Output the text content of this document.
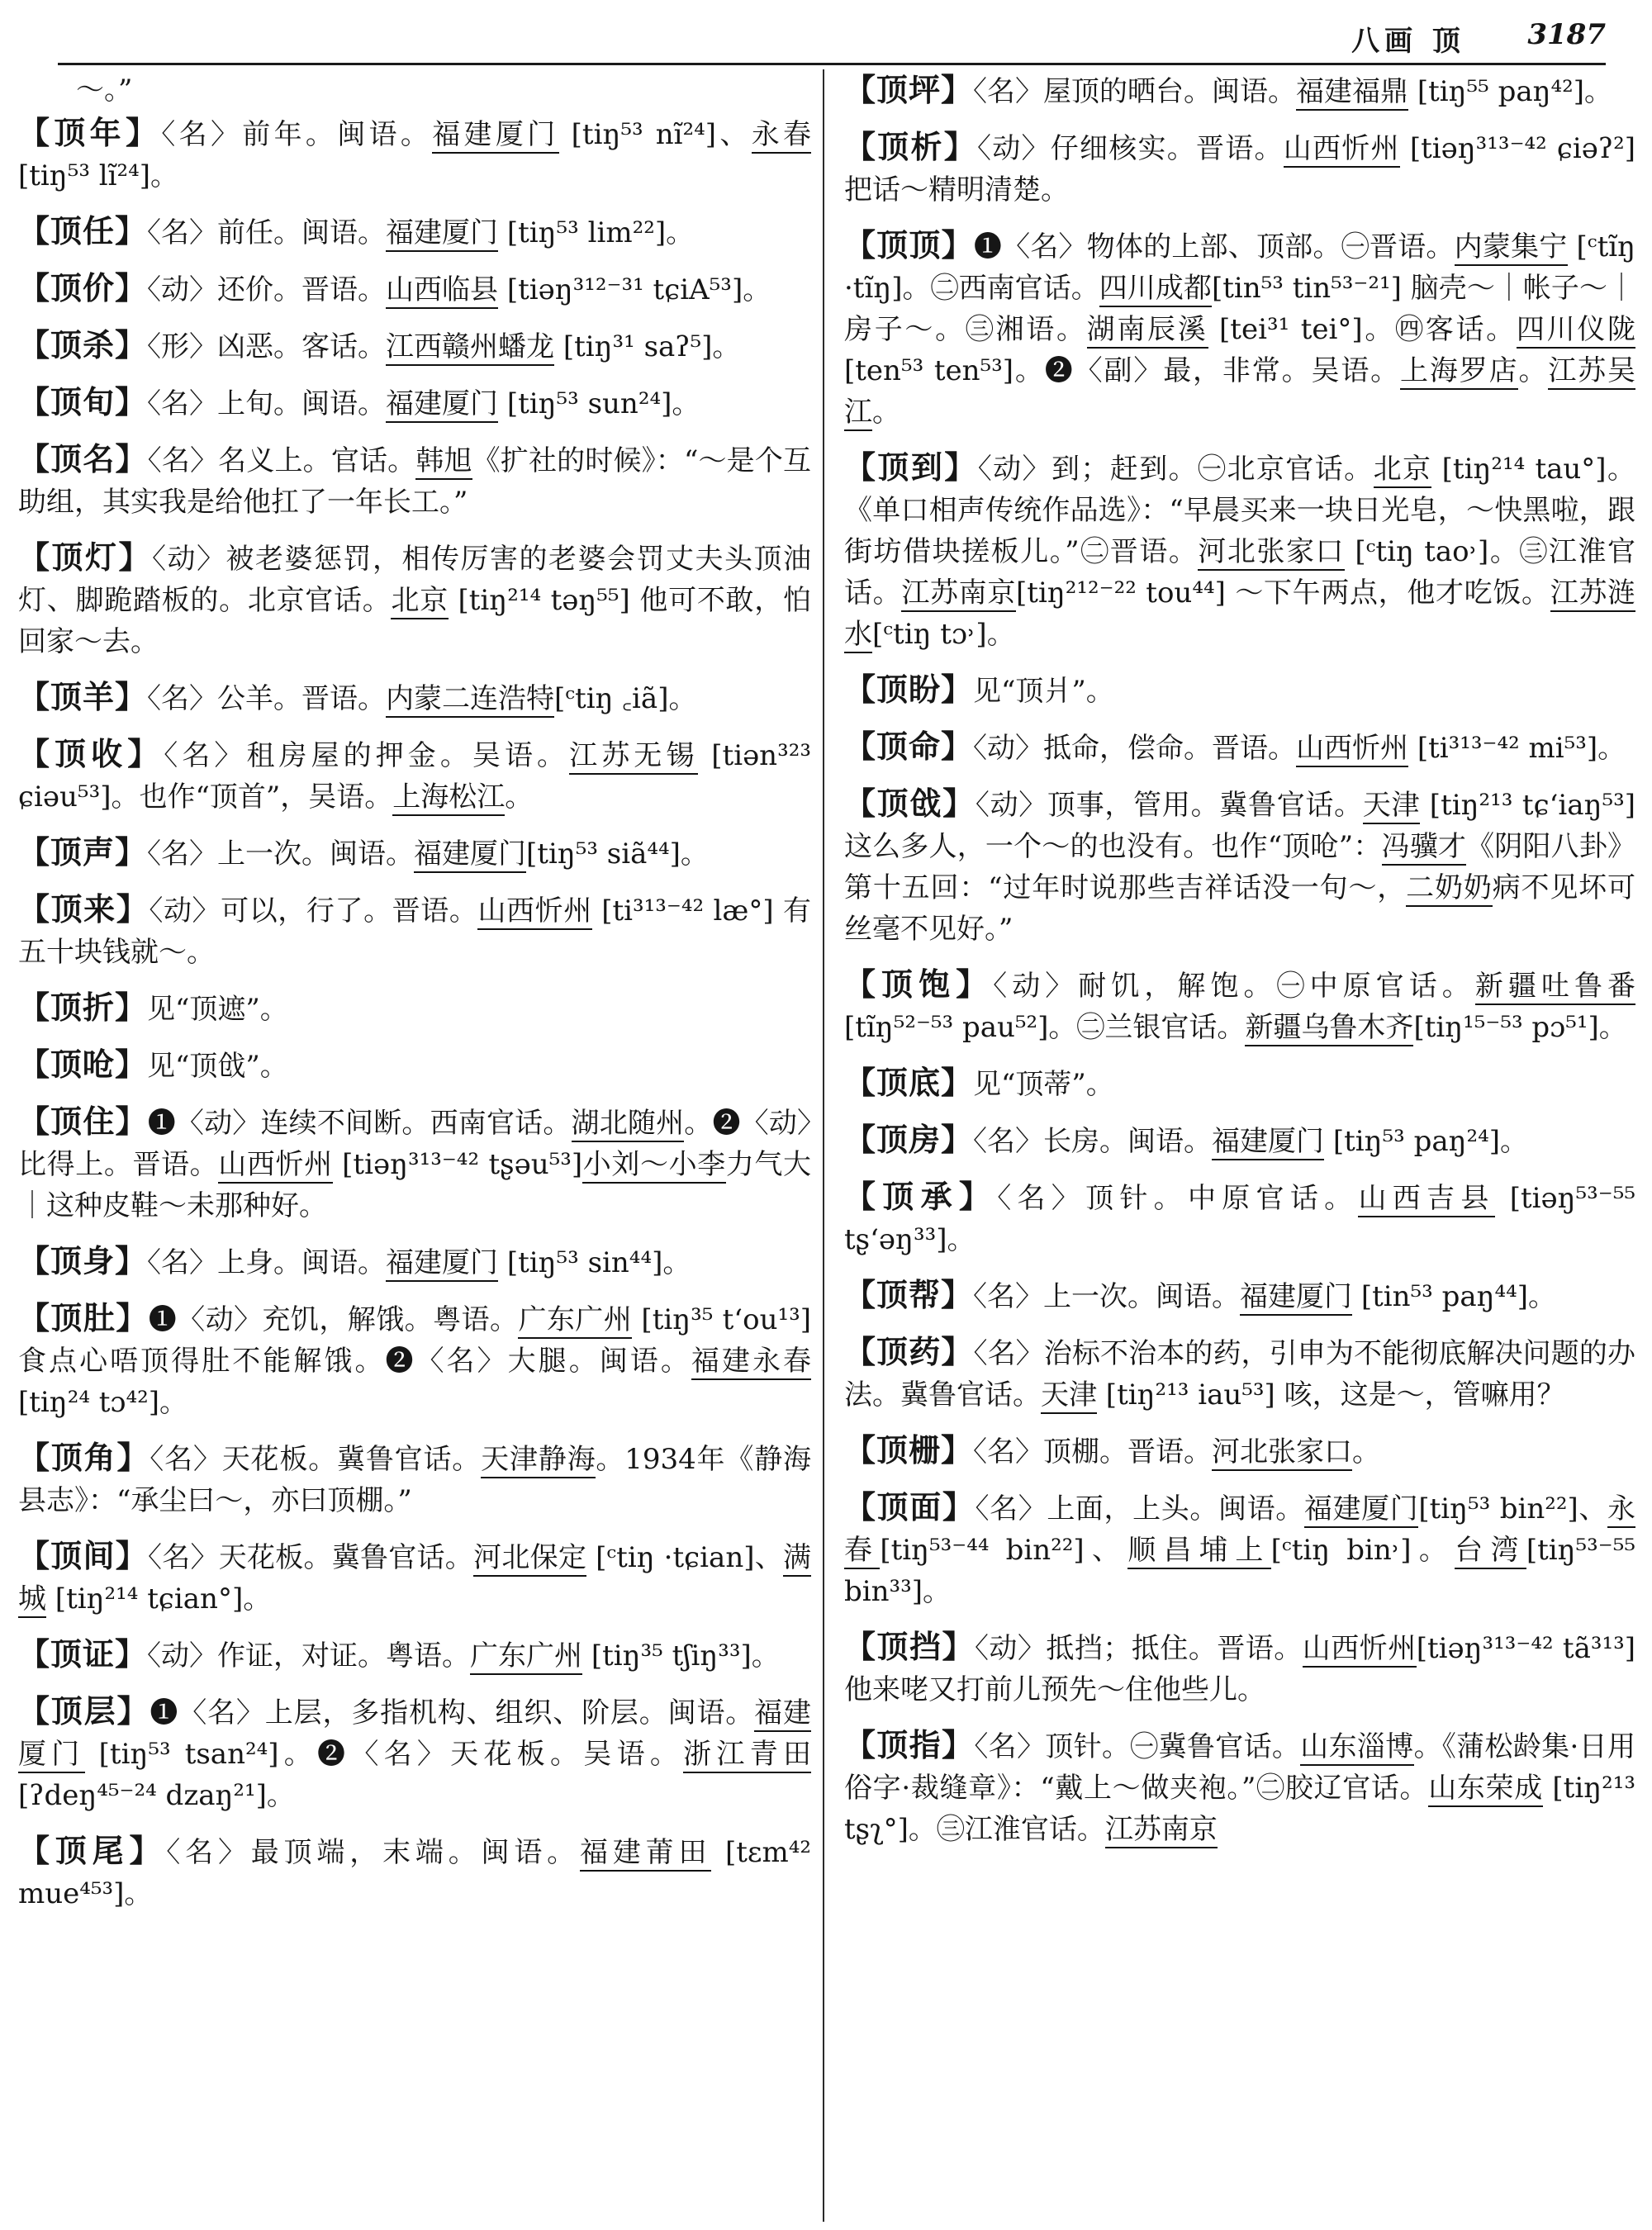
八画 顶 3187
～。”

【顶年】〈名〉前年。闽语。福建厦门 [tiŋ⁵³ nĩ²⁴]、永春 [tiŋ⁵³ lĩ²⁴]。

【顶任】〈名〉前任。闽语。福建厦门 [tiŋ⁵³ lim²²]。

【顶价】〈动〉还价。晋语。山西临县 [tiəŋ³¹²⁻³¹ tɕiA⁵³]。

【顶杀】〈形〉凶恶。客话。江西赣州蟠龙 [tiŋ³¹ saʔ⁵]。

【顶旬】〈名〉上旬。闽语。福建厦门 [tiŋ⁵³ sun²⁴]。

【顶名】〈名〉名义上。官话。韩旭《扩社的时候》：“～是个互助组，其实我是给他扛了一年长工。”

【顶灯】〈动〉被老婆惩罚，相传厉害的老婆会罚丈夫头顶油灯、脚跪踏板的。北京官话。北京 [tiŋ²¹⁴ təŋ⁵⁵] 他可不敢，怕回家～去。

【顶羊】〈名〉公羊。晋语。内蒙二连浩特[ᶜtiŋ ꜀iã]。

【顶收】〈名〉租房屋的押金。吴语。江苏无锡 [tiən³²³ ɕiəu⁵³]。也作“顶首”，吴语。上海松江。

【顶声】〈名〉上一次。闽语。福建厦门[tiŋ⁵³ siã⁴⁴]。

【顶来】〈动〉可以，行了。晋语。山西忻州 [ti³¹³⁻⁴² læ°] 有五十块钱就～。

【顶折】见“顶遮”。

【顶呛】见“顶戗”。

【顶住】❶〈动〉连续不间断。西南官话。湖北随州。❷〈动〉比得上。晋语。山西忻州 [tiəŋ³¹³⁻⁴² tʂəu⁵³]小刘～小李力气大｜这种皮鞋～未那种好。

【顶身】〈名〉上身。闽语。福建厦门 [tiŋ⁵³ sin⁴⁴]。

【顶肚】❶〈动〉充饥，解饿。粤语。广东广州 [tiŋ³⁵ tʻou¹³] 食点心唔顶得肚不能解饿。❷〈名〉大腿。闽语。福建永春 [tiŋ²⁴ tɔ⁴²]。

【顶角】〈名〉天花板。冀鲁官话。天津静海。1934年《静海县志》：“承尘曰～，亦曰顶棚。”

【顶间】〈名〉天花板。冀鲁官话。河北保定 [ᶜtiŋ ·tɕian]、满城 [tiŋ²¹⁴ tɕian°]。

【顶证】〈动〉作证，对证。粤语。广东广州 [tiŋ³⁵ tʃiŋ³³]。

【顶层】❶〈名〉上层，多指机构、组织、阶层。闽语。福建厦门 [tiŋ⁵³ tsan²⁴]。❷〈名〉天花板。吴语。浙江青田 [ʔdeŋ⁴⁵⁻²⁴ dzaŋ²¹]。

【顶尾】〈名〉最顶端，末端。闽语。福建莆田 [tɛm⁴² mue⁴⁵³]。

【顶坪】〈名〉屋顶的晒台。闽语。福建福鼎 [tiŋ⁵⁵ paŋ⁴²]。

【顶析】〈动〉仔细核实。晋语。山西忻州 [tiəŋ³¹³⁻⁴² ɕiəʔ²] 把话～精明清楚。

【顶顶】❶〈名〉物体的上部、顶部。㊀晋语。内蒙集宁 [ᶜtĩŋ ·tĩŋ]。㊁西南官话。四川成都[tin⁵³ tin⁵³⁻²¹] 脑壳～｜帐子～｜房子～。㊂湘语。湖南辰溪 [tei³¹ tei°]。㊃客话。四川仪陇 [ten⁵³ ten⁵³]。❷〈副〉最，非常。吴语。上海罗店。江苏吴江。

【顶到】〈动〉到；赶到。㊀北京官话。北京 [tiŋ²¹⁴ tau°]。《单口相声传统作品选》：“早晨买来一块日光皂，～快黑啦，跟街坊借块搓板儿。”㊁晋语。河北张家口 [ᶜtiŋ tao˒]。㊂江淮官话。江苏南京[tiŋ²¹²⁻²² tou⁴⁴] ～下午两点，他才吃饭。江苏涟水[ᶜtiŋ tɔ˒]。

【顶盼】见“顶爿”。

【顶命】〈动〉抵命，偿命。晋语。山西忻州 [ti³¹³⁻⁴² mi⁵³]。

【顶戗】〈动〉顶事，管用。冀鲁官话。天津 [tiŋ²¹³ tɕʻiaŋ⁵³] 这么多人，一个～的也没有。也作“顶呛”：冯骥才《阴阳八卦》第十五回：“过年时说那些吉祥话没一句～，二奶奶病不见坏可丝毫不见好。”

【顶饱】〈动〉耐饥，解饱。㊀中原官话。新疆吐鲁番 [tĩŋ⁵²⁻⁵³ pau⁵²]。㊁兰银官话。新疆乌鲁木齐[tiŋ¹⁵⁻⁵³ pɔ⁵¹]。

【顶底】见“顶蒂”。

【顶房】〈名〉长房。闽语。福建厦门 [tiŋ⁵³ paŋ²⁴]。

【顶承】〈名〉顶针。中原官话。山西吉县 [tiəŋ⁵³⁻⁵⁵ tʂʻəŋ³³]。

【顶帮】〈名〉上一次。闽语。福建厦门 [tin⁵³ paŋ⁴⁴]。

【顶药】〈名〉治标不治本的药，引申为不能彻底解决问题的办法。冀鲁官话。天津 [tiŋ²¹³ iau⁵³] 咳，这是～，管嘛用？

【顶栅】〈名〉顶棚。晋语。河北张家口。

【顶面】〈名〉上面，上头。闽语。福建厦门[tiŋ⁵³ bin²²]、永春[tiŋ⁵³⁻⁴⁴ bin²²]、顺昌埔上[ᶜtiŋ bin˒]。台湾[tiŋ⁵³⁻⁵⁵ bin³³]。

【顶挡】〈动〉抵挡；抵住。晋语。山西忻州[tiəŋ³¹³⁻⁴² tã³¹³] 他来咾又打前儿预先～住他些儿。

【顶指】〈名〉顶针。㊀冀鲁官话。山东淄博。《蒲松龄集·日用俗字·裁缝章》：“戴上～做夹袍。”㊁胶辽官话。山东荣成 [tiŋ²¹³ tʂʅ°]。㊂江淮官话。江苏南京
